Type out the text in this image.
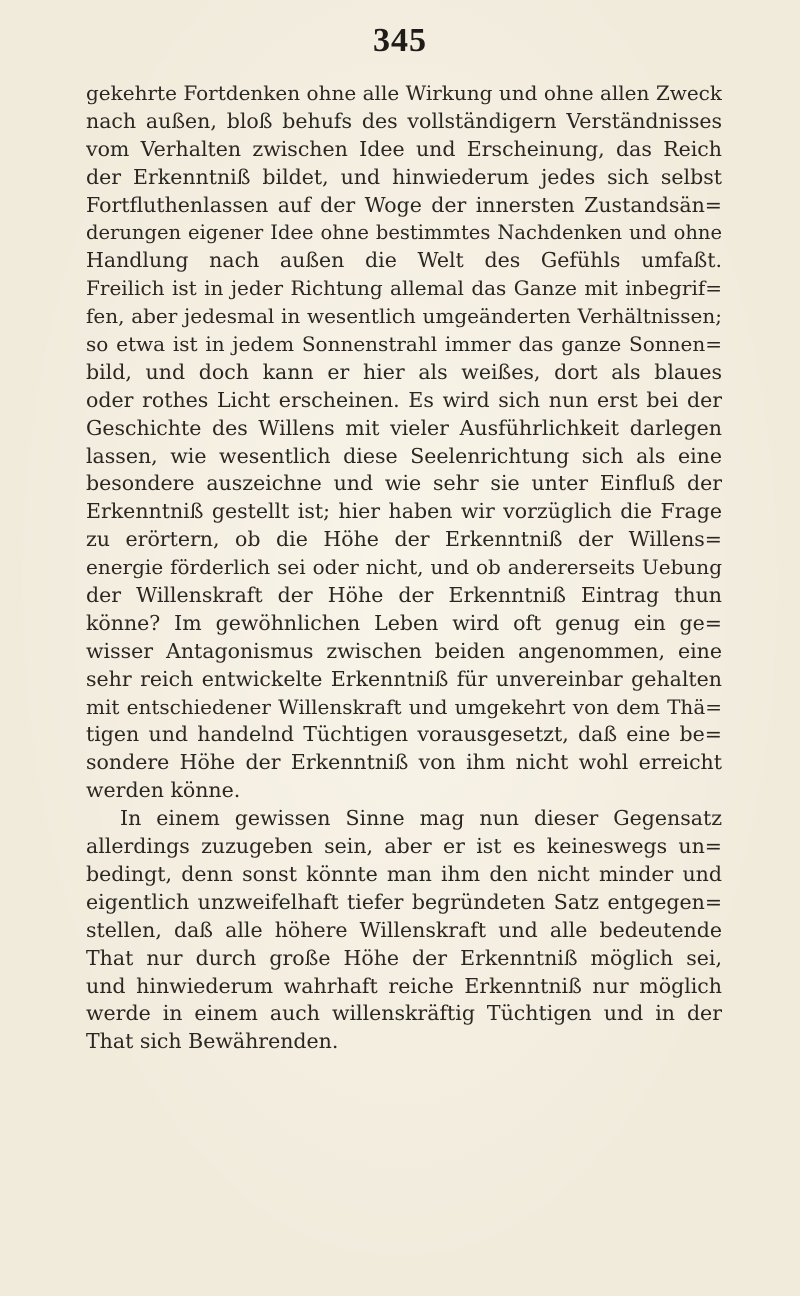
345
gekehrte Fortdenken ohne alle Wirkung und ohne allen Zweck
nach außen, bloß behufs des vollständigern Verständnisses
vom Verhalten zwischen Idee und Erscheinung, das Reich
der Erkenntniß bildet, und hinwiederum jedes sich selbst
Fortfluthenlassen auf der Woge der innersten Zustandsän=
derungen eigener Idee ohne bestimmtes Nachdenken und ohne
Handlung nach außen die Welt des Gefühls umfaßt.
Freilich ist in jeder Richtung allemal das Ganze mit inbegrif=
fen, aber jedesmal in wesentlich umgeänderten Verhältnissen;
so etwa ist in jedem Sonnenstrahl immer das ganze Sonnen=
bild, und doch kann er hier als weißes, dort als blaues
oder rothes Licht erscheinen. Es wird sich nun erst bei der
Geschichte des Willens mit vieler Ausführlichkeit darlegen
lassen, wie wesentlich diese Seelenrichtung sich als eine
besondere auszeichne und wie sehr sie unter Einfluß der
Erkenntniß gestellt ist; hier haben wir vorzüglich die Frage
zu erörtern, ob die Höhe der Erkenntniß der Willens=
energie förderlich sei oder nicht, und ob andererseits Uebung
der Willenskraft der Höhe der Erkenntniß Eintrag thun
könne? Im gewöhnlichen Leben wird oft genug ein ge=
wisser Antagonismus zwischen beiden angenommen, eine
sehr reich entwickelte Erkenntniß für unvereinbar gehalten
mit entschiedener Willenskraft und umgekehrt von dem Thä=
tigen und handelnd Tüchtigen vorausgesetzt, daß eine be=
sondere Höhe der Erkenntniß von ihm nicht wohl erreicht
werden könne.
In einem gewissen Sinne mag nun dieser Gegensatz
allerdings zuzugeben sein, aber er ist es keineswegs un=
bedingt, denn sonst könnte man ihm den nicht minder und
eigentlich unzweifelhaft tiefer begründeten Satz entgegen=
stellen, daß alle höhere Willenskraft und alle bedeutende
That nur durch große Höhe der Erkenntniß möglich sei,
und hinwiederum wahrhaft reiche Erkenntniß nur möglich
werde in einem auch willenskräftig Tüchtigen und in der
That sich Bewährenden.
